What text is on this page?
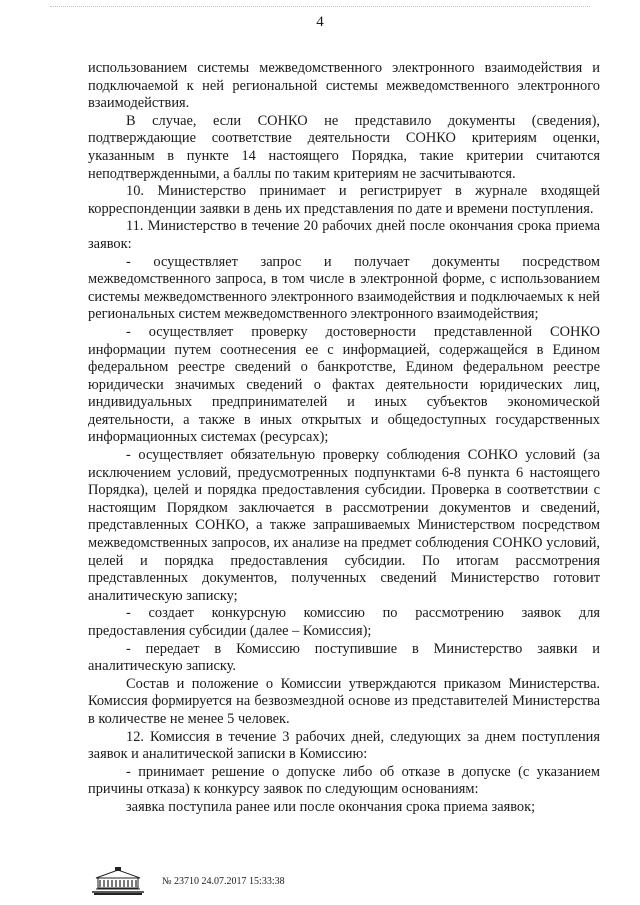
4

использованием системы межведомственного электронного взаимодействия и подключаемой к ней региональной системы межведомственного электронного взаимодействия.

В случае, если СОНКО не представило документы (сведения), подтверждающие соответствие деятельности СОНКО критериям оценки, указанным в пункте 14 настоящего Порядка, такие критерии считаются неподтвержденными, а баллы по таким критериям не засчитываются.

10. Министерство принимает и регистрирует в журнале входящей корреспонденции заявки в день их представления по дате и времени поступления.

11. Министерство в течение 20 рабочих дней после окончания срока приема заявок:

- осуществляет запрос и получает документы посредством межведомственного запроса, в том числе в электронной форме, с использованием системы межведомственного электронного взаимодействия и подключаемых к ней региональных систем межведомственного электронного взаимодействия;

- осуществляет проверку достоверности представленной СОНКО информации путем соотнесения ее с информацией, содержащейся в Едином федеральном реестре сведений о банкротстве, Едином федеральном реестре юридически значимых сведений о фактах деятельности юридических лиц, индивидуальных предпринимателей и иных субъектов экономической деятельности, а также в иных открытых и общедоступных государственных информационных системах (ресурсах);

- осуществляет обязательную проверку соблюдения СОНКО условий (за исключением условий, предусмотренных подпунктами 6-8 пункта 6 настоящего Порядка), целей и порядка предоставления субсидии. Проверка в соответствии с настоящим Порядком заключается в рассмотрении документов и сведений, представленных СОНКО, а также запрашиваемых Министерством посредством межведомственных запросов, их анализе на предмет соблюдения СОНКО условий, целей и порядка предоставления субсидии. По итогам рассмотрения представленных документов, полученных сведений Министерство готовит аналитическую записку;

- создает конкурсную комиссию по рассмотрению заявок для предоставления субсидии (далее – Комиссия);

- передает в Комиссию поступившие в Министерство заявки и аналитическую записку.

Состав и положение о Комиссии утверждаются приказом Министерства. Комиссия формируется на безвозмездной основе из представителей Министерства в количестве не менее 5 человек.

12. Комиссия в течение 3 рабочих дней, следующих за днем поступления заявок и аналитической записки в Комиссию:

- принимает решение о допуске либо об отказе в допуске (с указанием причины отказа) к конкурсу заявок по следующим основаниям:

заявка поступила ранее или после окончания срока приема заявок;

№ 23710 24.07.2017 15:33:38
